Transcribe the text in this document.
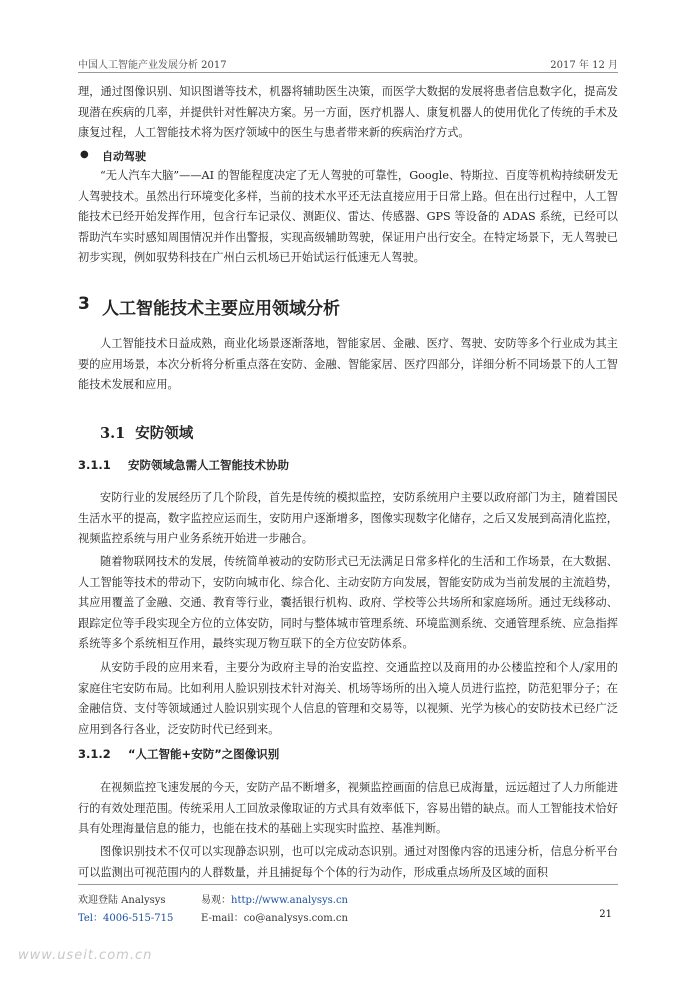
中国人工智能产业发展分析 2017	2017 年 12 月

理，通过图像识别、知识图谱等技术，机器将辅助医生决策，而医学大数据的发展将患者信息数字化，提高发现潜在疾病的几率，并提供针对性解决方案。另一方面，医疗机器人、康复机器人的使用优化了传统的手术及康复过程，人工智能技术将为医疗领域中的医生与患者带来新的疾病治疗方式。

● 自动驾驶

“无人汽车大脑”——AI 的智能程度决定了无人驾驶的可靠性，Google、特斯拉、百度等机构持续研发无人驾驶技术。虽然出行环境变化多样，当前的技术水平还无法直接应用于日常上路。但在出行过程中，人工智能技术已经开始发挥作用，包含行车记录仪、测距仪、雷达、传感器、GPS 等设备的 ADAS 系统，已经可以帮助汽车实时感知周围情况并作出警报，实现高级辅助驾驶，保证用户出行安全。在特定场景下，无人驾驶已初步实现，例如驭势科技在广州白云机场已开始试运行低速无人驾驶。

3 人工智能技术主要应用领域分析

人工智能技术日益成熟，商业化场景逐渐落地，智能家居、金融、医疗、驾驶、安防等多个行业成为其主要的应用场景，本次分析将分析重点落在安防、金融、智能家居、医疗四部分，详细分析不同场景下的人工智能技术发展和应用。

3.1 安防领域
3.1.1 安防领域急需人工智能技术协助

安防行业的发展经历了几个阶段，首先是传统的模拟监控，安防系统用户主要以政府部门为主，随着国民生活水平的提高，数字监控应运而生，安防用户逐渐增多，图像实现数字化储存，之后又发展到高清化监控，视频监控系统与用户业务系统开始进一步融合。

随着物联网技术的发展，传统简单被动的安防形式已无法满足日常多样化的生活和工作场景，在大数据、人工智能等技术的带动下，安防向城市化、综合化、主动安防方向发展，智能安防成为当前发展的主流趋势，其应用覆盖了金融、交通、教育等行业，囊括银行机构、政府、学校等公共场所和家庭场所。通过无线移动、跟踪定位等手段实现全方位的立体安防，同时与整体城市管理系统、环境监测系统、交通管理系统、应急指挥系统等多个系统相互作用，最终实现万物互联下的全方位安防体系。

从安防手段的应用来看，主要分为政府主导的治安监控、交通监控以及商用的办公楼监控和个人/家用的家庭住宅安防布局。比如利用人脸识别技术针对海关、机场等场所的出入境人员进行监控，防范犯罪分子；在金融信贷、支付等领域通过人脸识别实现个人信息的管理和交易等，以视频、光学为核心的安防技术已经广泛应用到各行各业，泛安防时代已经到来。

3.1.2 “人工智能+安防”之图像识别

在视频监控飞速发展的今天，安防产品不断增多，视频监控画面的信息已成海量，远远超过了人力所能进行的有效处理范围。传统采用人工回放录像取证的方式具有效率低下，容易出错的缺点。而人工智能技术恰好具有处理海量信息的能力，也能在技术的基础上实现实时监控、基准判断。

图像识别技术不仅可以实现静态识别，也可以完成动态识别。通过对图像内容的迅速分析，信息分析平台可以监测出可视范围内的人群数量，并且捕捉每个个体的行为动作，形成重点场所及区域的面积

欢迎登陆 Analysys	易观：http://www.analysys.cn
Tel：4006-515-715	E-mail：co@analysys.com.cn	21
www.useit.com.cn
